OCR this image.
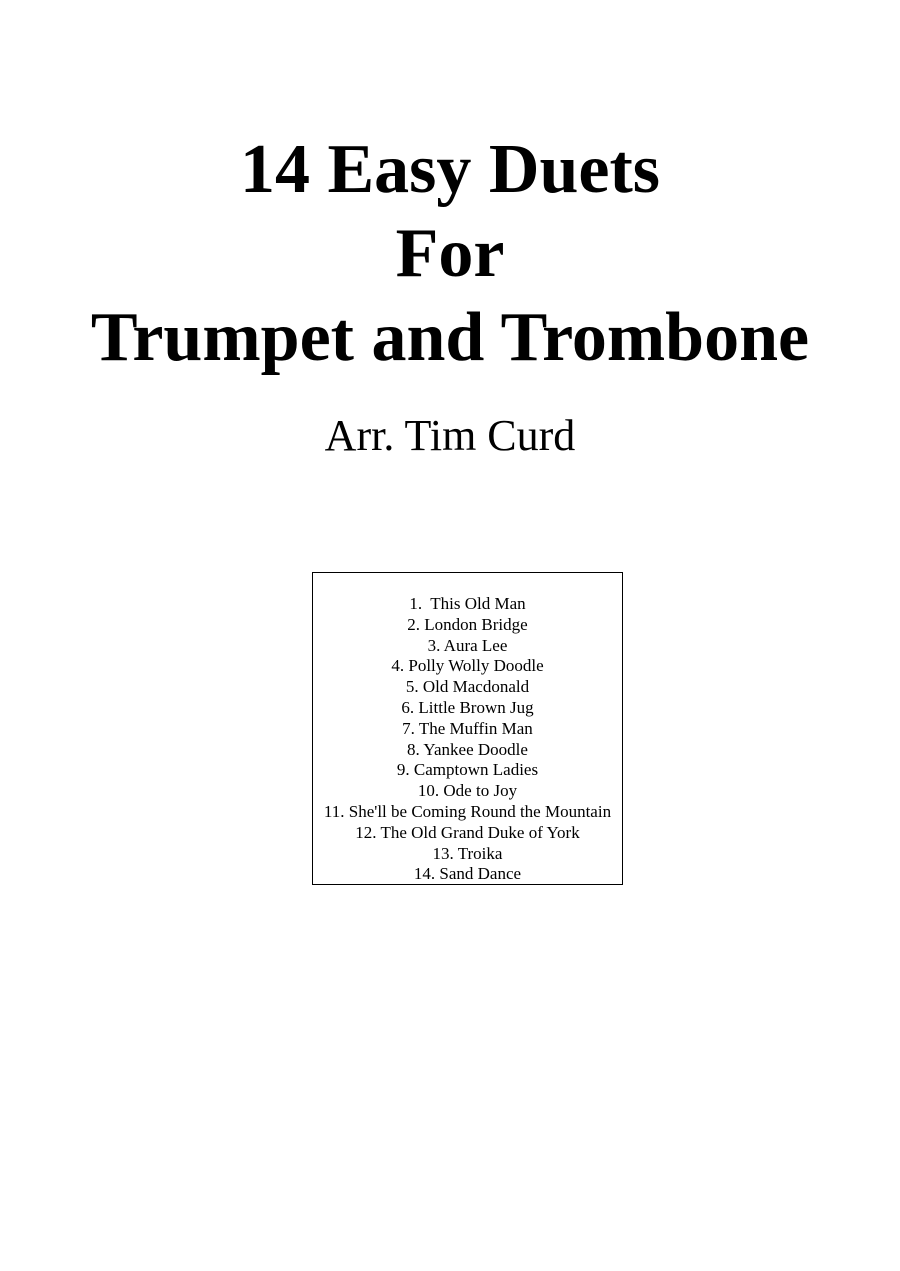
14 Easy Duets
For
Trumpet and Trombone
Arr. Tim Curd
1.  This Old Man
2. London Bridge
3. Aura Lee
4. Polly Wolly Doodle
5. Old Macdonald
6. Little Brown Jug
7. The Muffin Man
8. Yankee Doodle
9. Camptown Ladies
10. Ode to Joy
11. She'll be Coming Round the Mountain
12. The Old Grand Duke of York
13. Troika
14. Sand Dance
